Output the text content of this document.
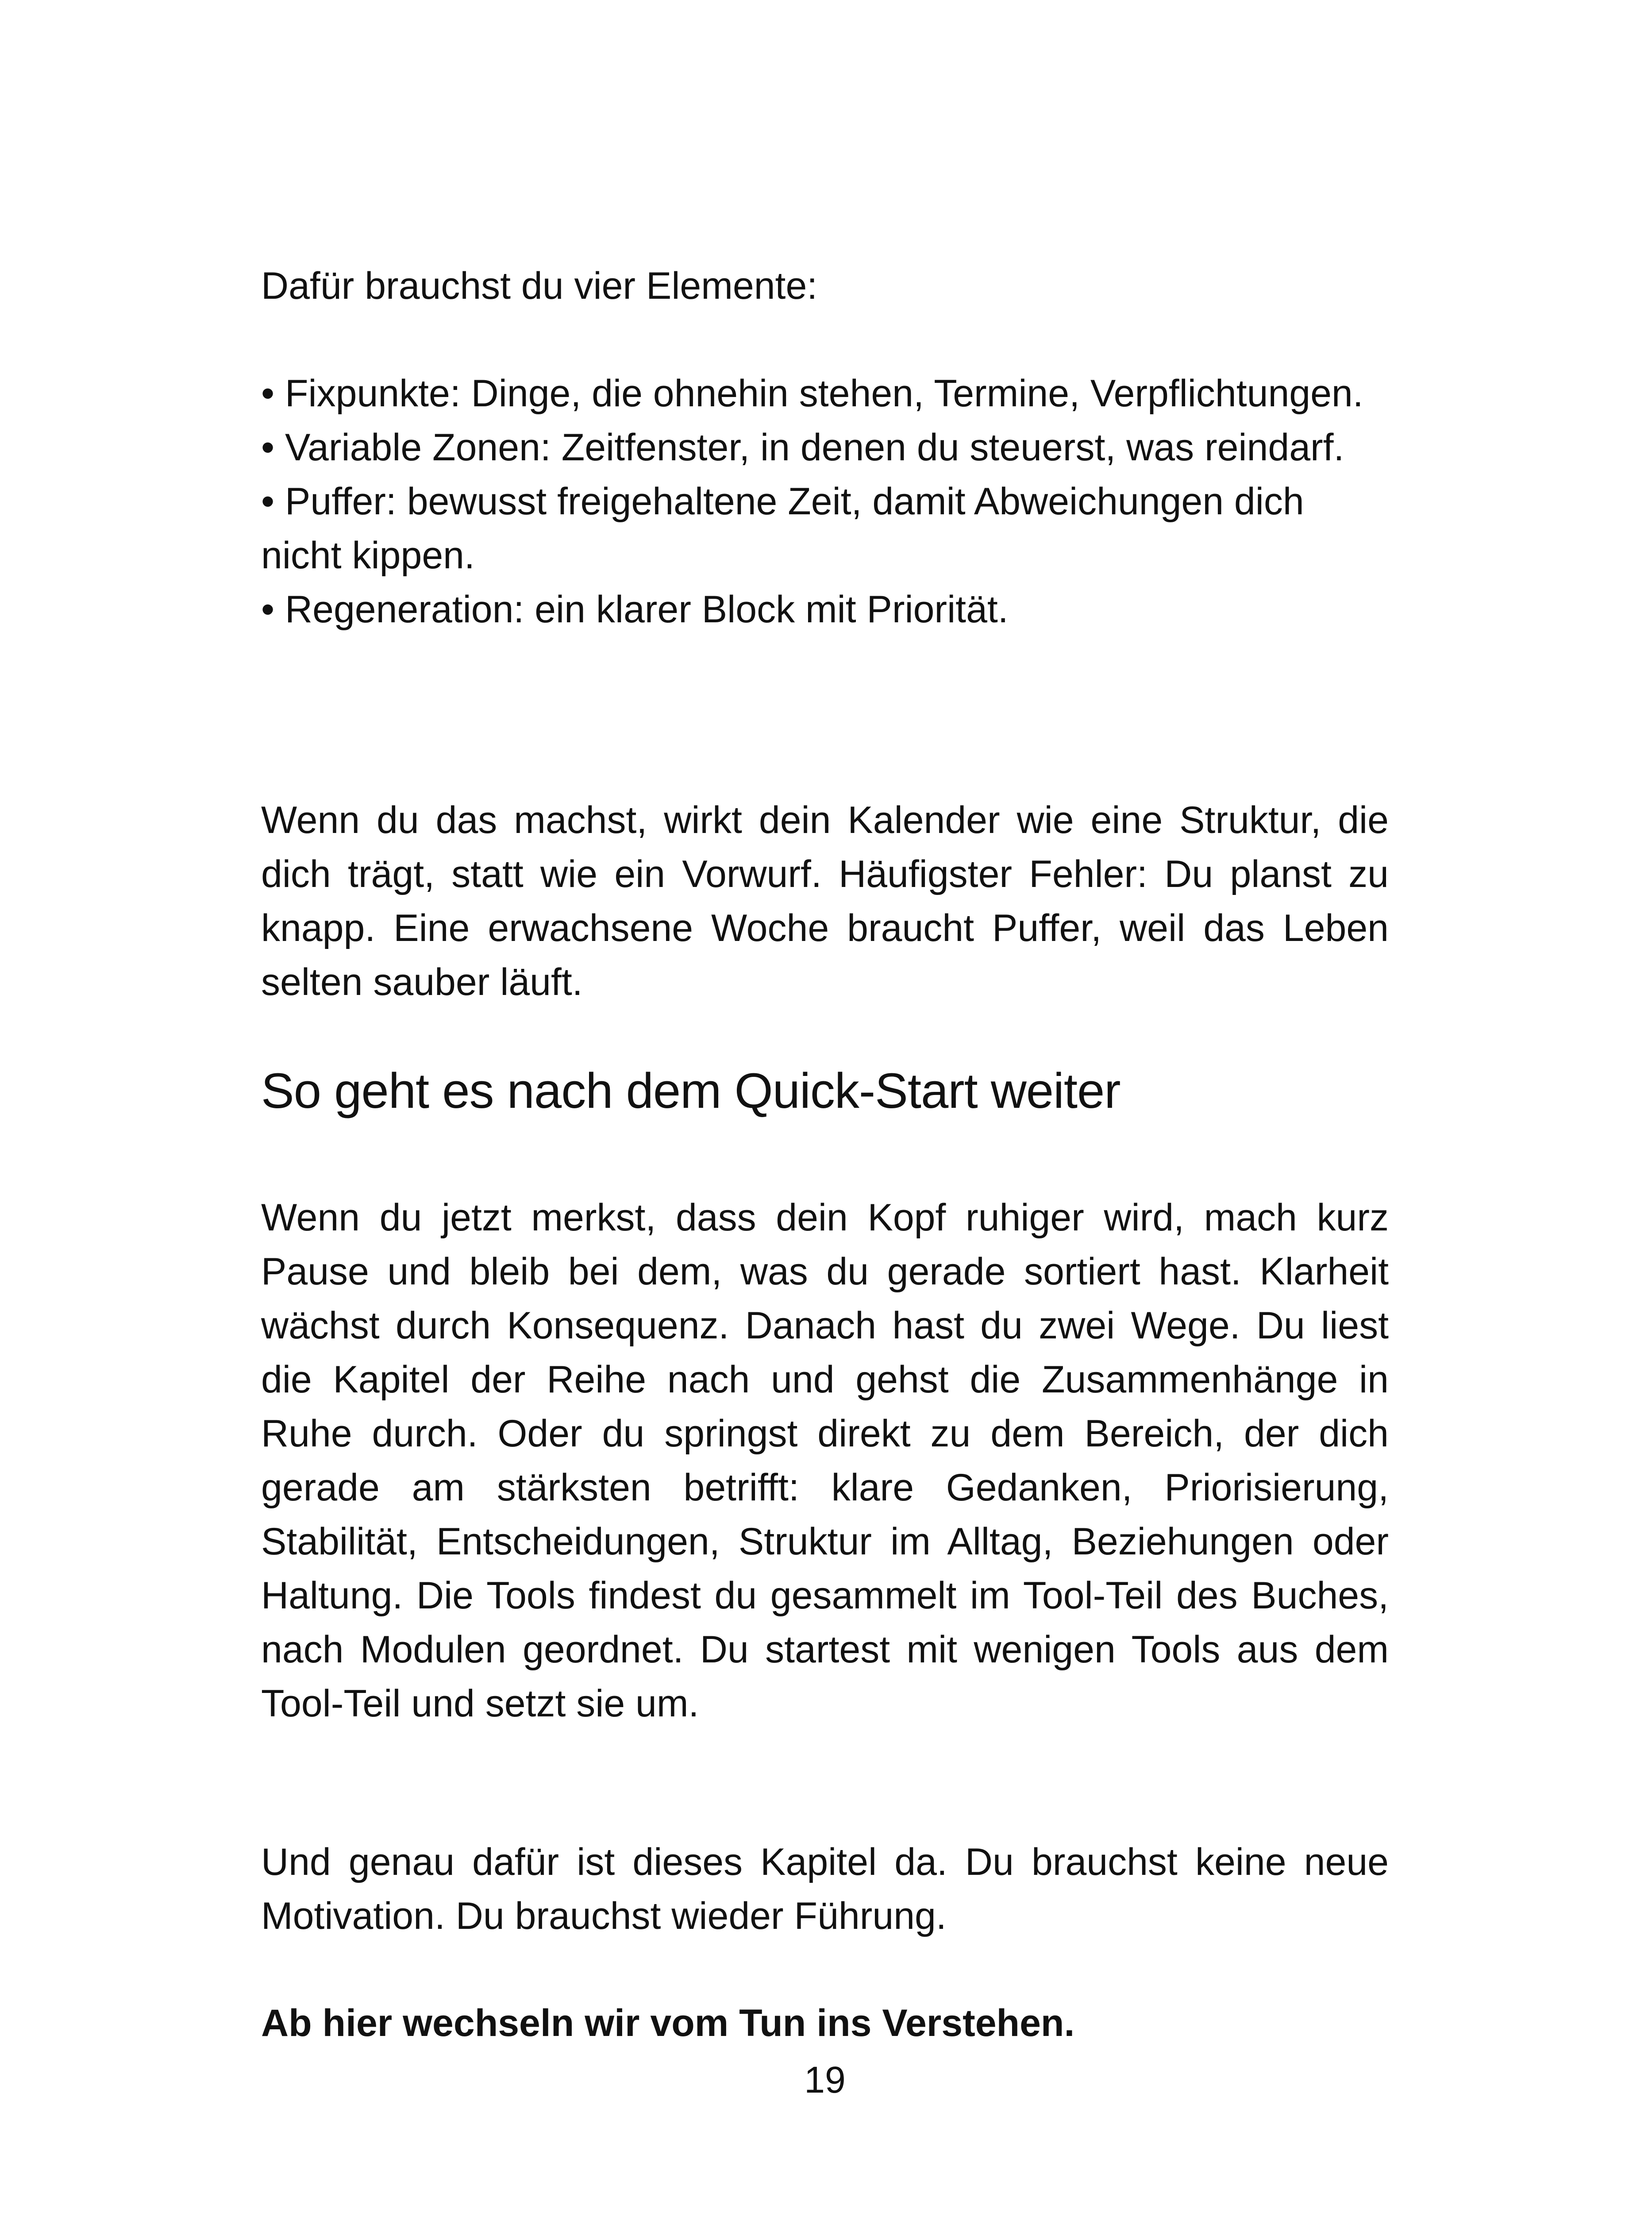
Dafür brauchst du vier Elemente:

• Fixpunkte: Dinge, die ohnehin stehen, Termine, Verpflichtungen.
• Variable Zonen: Zeitfenster, in denen du steuerst, was reindarf.
• Puffer: bewusst freigehaltene Zeit, damit Abweichungen dich nicht kippen.
• Regeneration: ein klarer Block mit Priorität.

Wenn du das machst, wirkt dein Kalender wie eine Struktur, die dich trägt, statt wie ein Vorwurf. Häufigster Fehler: Du planst zu knapp. Eine erwachsene Woche braucht Puffer, weil das Leben selten sauber läuft.

So geht es nach dem Quick-Start weiter

Wenn du jetzt merkst, dass dein Kopf ruhiger wird, mach kurz Pause und bleib bei dem, was du gerade sortiert hast. Klarheit wächst durch Konsequenz. Danach hast du zwei Wege. Du liest die Kapitel der Reihe nach und gehst die Zusammenhänge in Ruhe durch. Oder du springst direkt zu dem Bereich, der dich gerade am stärksten betrifft: klare Gedanken, Priorisierung, Stabilität, Entscheidungen, Struktur im Alltag, Beziehungen oder Haltung. Die Tools findest du gesammelt im Tool-Teil des Buches, nach Modulen geordnet. Du startest mit wenigen Tools aus dem Tool-Teil und setzt sie um.

Und genau dafür ist dieses Kapitel da. Du brauchst keine neue Motivation. Du brauchst wieder Führung.

Ab hier wechseln wir vom Tun ins Verstehen.

19
